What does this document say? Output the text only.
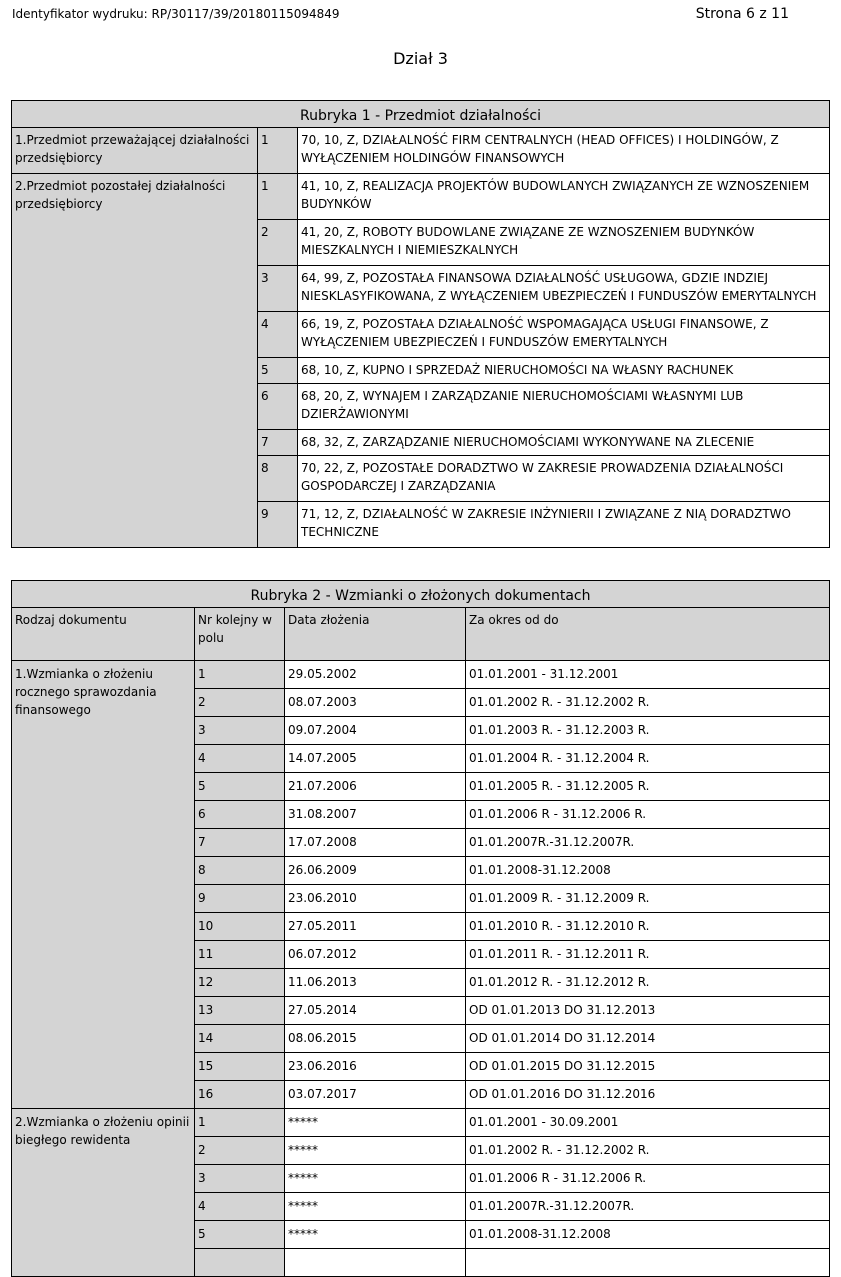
Identyfikator wydruku: RP/30117/39/20180115094849	Strona 6 z 11
Dział 3
Rubryka 1 - Przedmiot działalności		
1.Przedmiot przeważającej działalności przedsiębiorcy	1	70, 10, Z, DZIAŁALNOŚĆ FIRM CENTRALNYCH (HEAD OFFICES) I HOLDINGÓW, Z WYŁĄCZENIEM HOLDINGÓW FINANSOWYCH
2.Przedmiot pozostałej działalności przedsiębiorcy	1	41, 10, Z, REALIZACJA PROJEKTÓW BUDOWLANYCH ZWIĄZANYCH ZE WZNOSZENIEM BUDYNKÓW
	2	41, 20, Z, ROBOTY BUDOWLANE ZWIĄZANE ZE WZNOSZENIEM BUDYNKÓW MIESZKALNYCH I NIEMIESZKALNYCH
	3	64, 99, Z, POZOSTAŁA FINANSOWA DZIAŁALNOŚĆ USŁUGOWA, GDZIE INDZIEJ NIESKLASYFIKOWANA, Z WYŁĄCZENIEM UBEZPIECZEŃ I FUNDUSZÓW EMERYTALNYCH
	4	66, 19, Z, POZOSTAŁA DZIAŁALNOŚĆ WSPOMAGAJĄCA USŁUGI FINANSOWE, Z WYŁĄCZENIEM UBEZPIECZEŃ I FUNDUSZÓW EMERYTALNYCH
	5	68, 10, Z, KUPNO I SPRZEDAŻ NIERUCHOMOŚCI NA WŁASNY RACHUNEK
	6	68, 20, Z, WYNAJEM I ZARZĄDZANIE NIERUCHOMOŚCIAMI WŁASNYMI LUB DZIERŻAWIONYMI
	7	68, 32, Z, ZARZĄDZANIE NIERUCHOMOŚCIAMI WYKONYWANE NA ZLECENIE
	8	70, 22, Z, POZOSTAŁE DORADZTWO W ZAKRESIE PROWADZENIA DZIAŁALNOŚCI GOSPODARCZEJ I ZARZĄDZANIA
	9	71, 12, Z, DZIAŁALNOŚĆ W ZAKRESIE INŻYNIERII I ZWIĄZANE Z NIĄ DORADZTWO TECHNICZNE
Rubryka 2 - Wzmianki o złożonych dokumentach			
Rodzaj dokumentu	Nr kolejny w polu	Data złożenia	Za okres od do
1.Wzmianka o złożeniu rocznego sprawozdania finansowego	1	29.05.2002	01.01.2001 - 31.12.2001
	2	08.07.2003	01.01.2002 R. - 31.12.2002 R.
	3	09.07.2004	01.01.2003 R. - 31.12.2003 R.
	4	14.07.2005	01.01.2004 R. - 31.12.2004 R.
	5	21.07.2006	01.01.2005 R. - 31.12.2005 R.
	6	31.08.2007	01.01.2006 R - 31.12.2006 R.
	7	17.07.2008	01.01.2007R.-31.12.2007R.
	8	26.06.2009	01.01.2008-31.12.2008
	9	23.06.2010	01.01.2009 R. - 31.12.2009 R.
	10	27.05.2011	01.01.2010 R. - 31.12.2010 R.
	11	06.07.2012	01.01.2011 R. - 31.12.2011 R.
	12	11.06.2013	01.01.2012 R. - 31.12.2012 R.
	13	27.05.2014	OD 01.01.2013 DO 31.12.2013
	14	08.06.2015	OD 01.01.2014 DO 31.12.2014
	15	23.06.2016	OD 01.01.2015 DO 31.12.2015
	16	03.07.2017	OD 01.01.2016 DO 31.12.2016
2.Wzmianka o złożeniu opinii biegłego rewidenta	1	*****	01.01.2001 - 30.09.2001
	2	*****	01.01.2002 R. - 31.12.2002 R.
	3	*****	01.01.2006 R - 31.12.2006 R.
	4	*****	01.01.2007R.-31.12.2007R.
	5	*****	01.01.2008-31.12.2008
